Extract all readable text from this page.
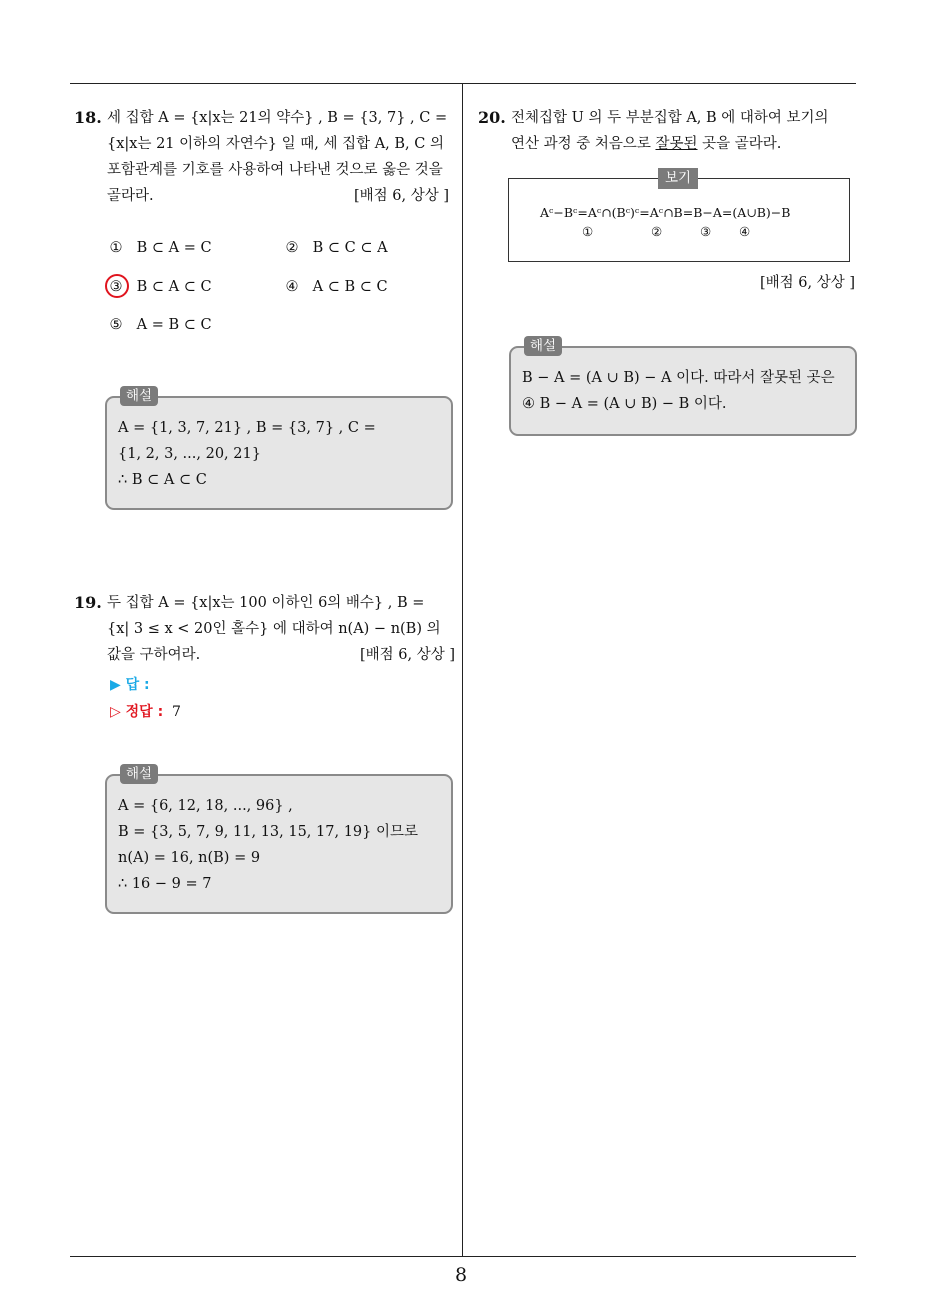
8
18. 세 집합 A = {x|x는 21의 약수} , B = {3, 7} , C =
{x|x는 21 이하의 자연수} 일 때, 세 집합 A, B, C 의
포함관계를 기호를 사용하여 나타낸 것으로 옳은 것을
골라라.	[배점 6, 상상 ]
① B ⊂ A = C	② B ⊂ C ⊂ A
③ B ⊂ A ⊂ C	④ A ⊂ B ⊂ C
⑤ A = B ⊂ C
해설
A = {1, 3, 7, 21} , B = {3, 7} , C =
{1, 2, 3, ..., 20, 21}
∴ B ⊂ A ⊂ C
19. 두 집합 A = {x|x는 100 이하인 6의 배수} , B =
{x| 3 ≤ x < 20인 홀수} 에 대하여 n(A) − n(B) 의
값을 구하여라.	[배점 6, 상상 ]
▶ 답 :
▷ 정답 : 7
해설
A = {6, 12, 18, ..., 96} ,
B = {3, 5, 7, 9, 11, 13, 15, 17, 19} 이므로
n(A) = 16, n(B) = 9
∴ 16 − 9 = 7
20. 전체집합 U 의 두 부분집합 A, B 에 대하여 보기의
연산 과정 중 처음으로 잘못된 곳을 골라라.
보기
Aᶜ−Bᶜ=Aᶜ∩(Bᶜ)ᶜ=Aᶜ∩B=B−A=(A∪B)−B
①	②	③ ④
[배점 6, 상상 ]
해설
B − A = (A ∪ B) − A 이다. 따라서 잘못된 곳은
④ B − A = (A ∪ B) − B 이다.
